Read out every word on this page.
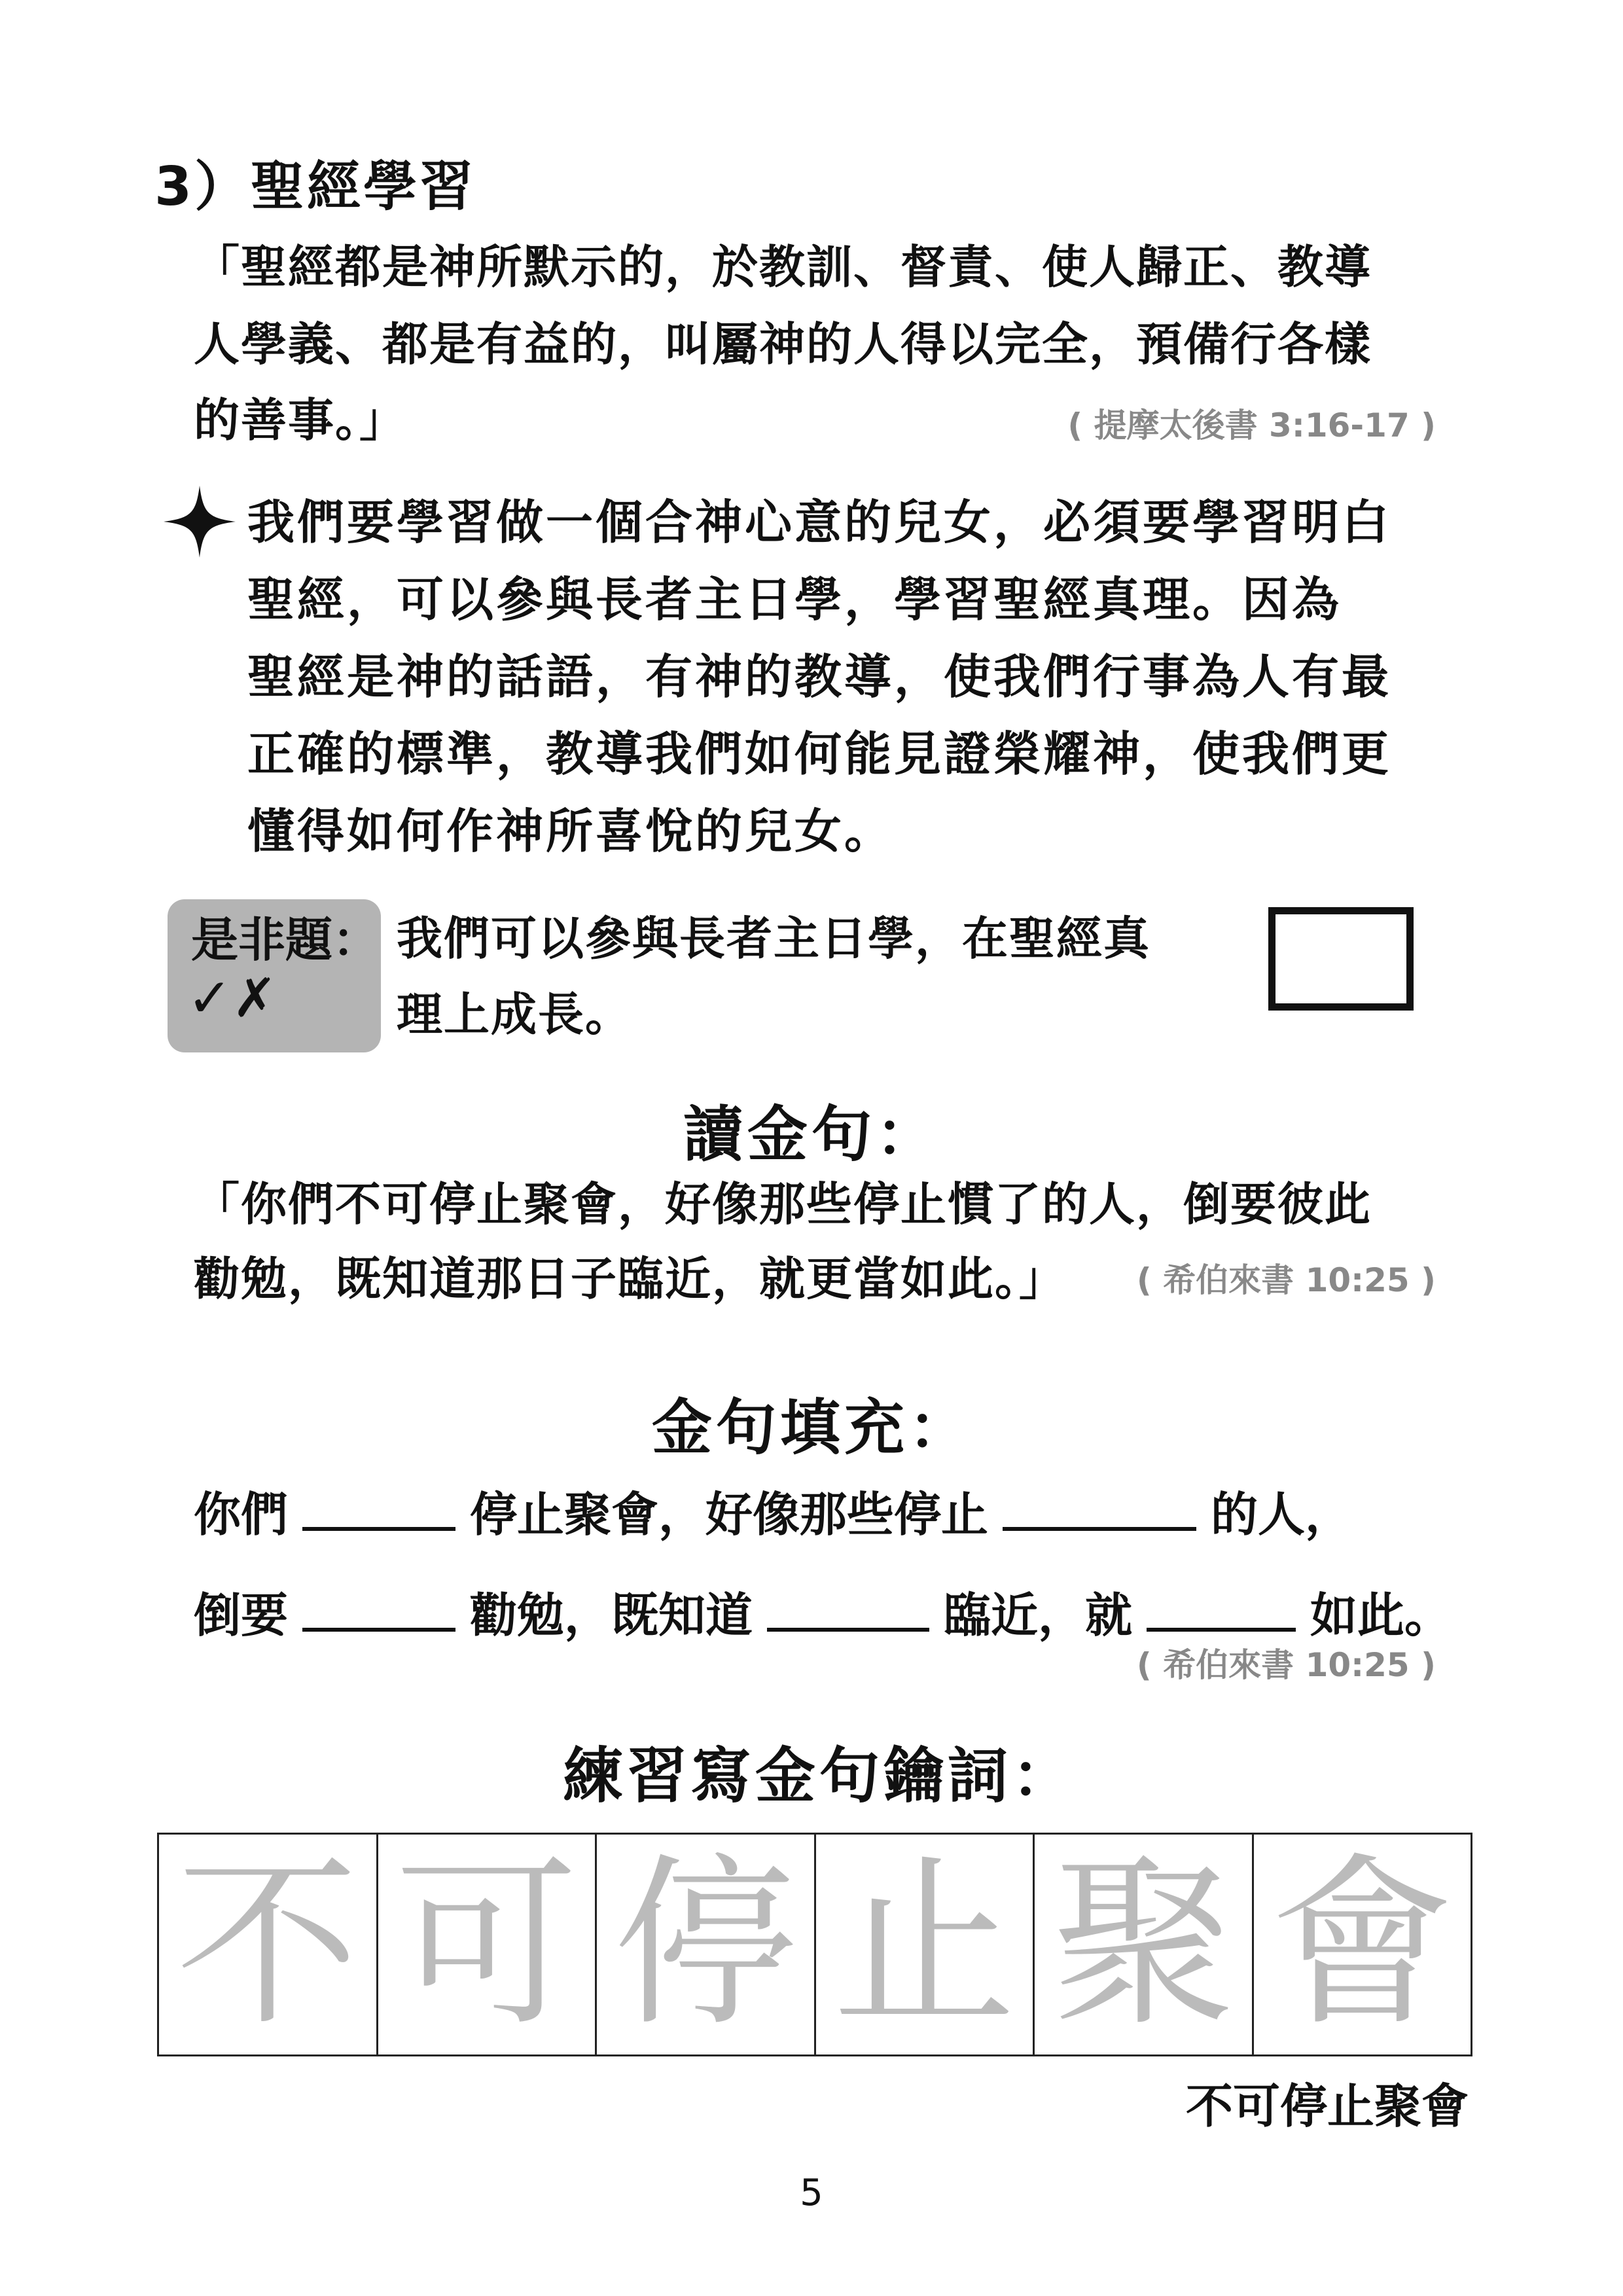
3）聖經學習
「聖經都是神所默示的，於教訓、督責、使人歸正、教導
人學義、都是有益的，叫屬神的人得以完全，預備行各樣
的善事。」	( 提摩太後書 3:16-17 )
我們要學習做一個合神心意的兒女，必須要學習明白
聖經，可以參與長者主日學，學習聖經真理。因為
聖經是神的話語，有神的教導，使我們行事為人有最
正確的標準，教導我們如何能見證榮耀神，使我們更
懂得如何作神所喜悅的兒女。
是非題：
✓✗
我們可以參與長者主日學，在聖經真
理上成長。
讀金句：
「你們不可停止聚會，好像那些停止慣了的人，倒要彼此
勸勉，既知道那日子臨近，就更當如此。」 ( 希伯來書 10:25 )
金句填充：
你們	停止聚會，好像那些停止	的人，
倒要	勸勉，既知道	臨近，就	如此。
( 希伯來書 10:25 )
練習寫金句鑰詞：
不 可 停 止 聚 會
不可停止聚會
5
